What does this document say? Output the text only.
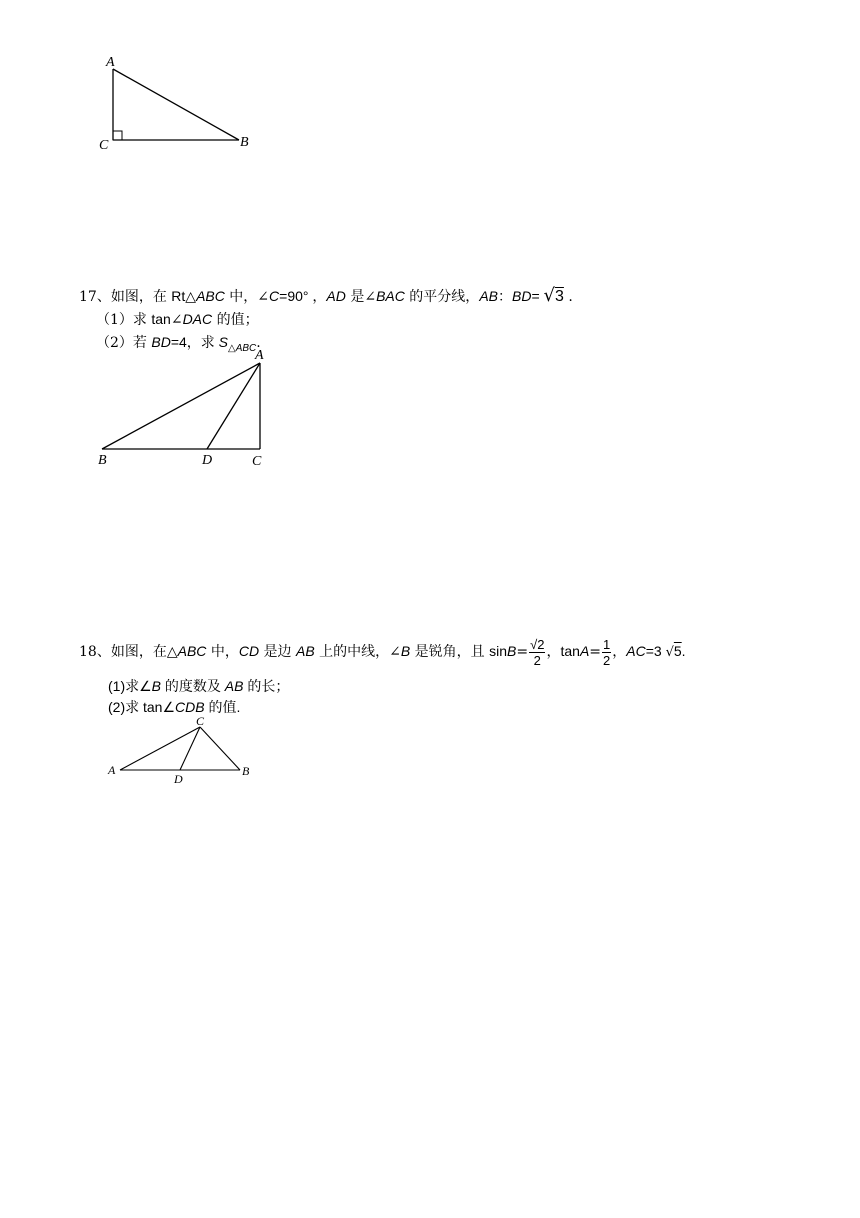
A
C	B
17、如图，在 Rt△ABC 中，∠C=90° ，AD 是∠BAC 的平分线，AB：BD= √3 .
（1）求 tan∠DAC 的值；
（2）若 BD=4，求 $S_{\triangle ABC}$.
A
B	D	C
18、如图，在△ABC 中，CD 是边 AB 上的中线，∠B 是锐角，且 $\sin B= \frac{√2}{2}$ ，$\tan A= \frac{1}{2}$ ，AC=3 √5.
(1)求∠B 的度数及 AB 的长；
(2)求 tan∠CDB 的值.
C
A	B
D
